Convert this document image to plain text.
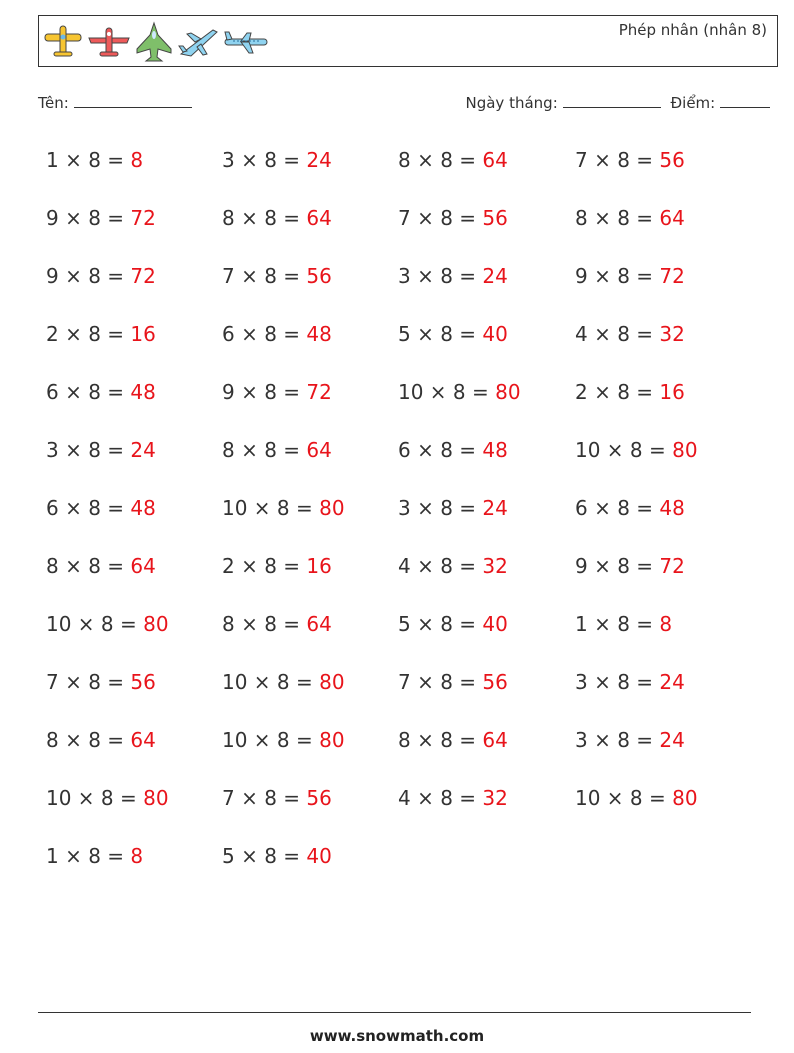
Phép nhân (nhân 8)
Tên:	Ngày tháng:	Điểm:
1 × 8 = 8	3 × 8 = 24	8 × 8 = 64	7 × 8 = 56
9 × 8 = 72	8 × 8 = 64	7 × 8 = 56	8 × 8 = 64
9 × 8 = 72	7 × 8 = 56	3 × 8 = 24	9 × 8 = 72
2 × 8 = 16	6 × 8 = 48	5 × 8 = 40	4 × 8 = 32
6 × 8 = 48	9 × 8 = 72	10 × 8 = 80	2 × 8 = 16
3 × 8 = 24	8 × 8 = 64	6 × 8 = 48	10 × 8 = 80
6 × 8 = 48	10 × 8 = 80	3 × 8 = 24	6 × 8 = 48
8 × 8 = 64	2 × 8 = 16	4 × 8 = 32	9 × 8 = 72
10 × 8 = 80	8 × 8 = 64	5 × 8 = 40	1 × 8 = 8
7 × 8 = 56	10 × 8 = 80	7 × 8 = 56	3 × 8 = 24
8 × 8 = 64	10 × 8 = 80	8 × 8 = 64	3 × 8 = 24
10 × 8 = 80	7 × 8 = 56	4 × 8 = 32	10 × 8 = 80
1 × 8 = 8	5 × 8 = 40
www.snowmath.com
